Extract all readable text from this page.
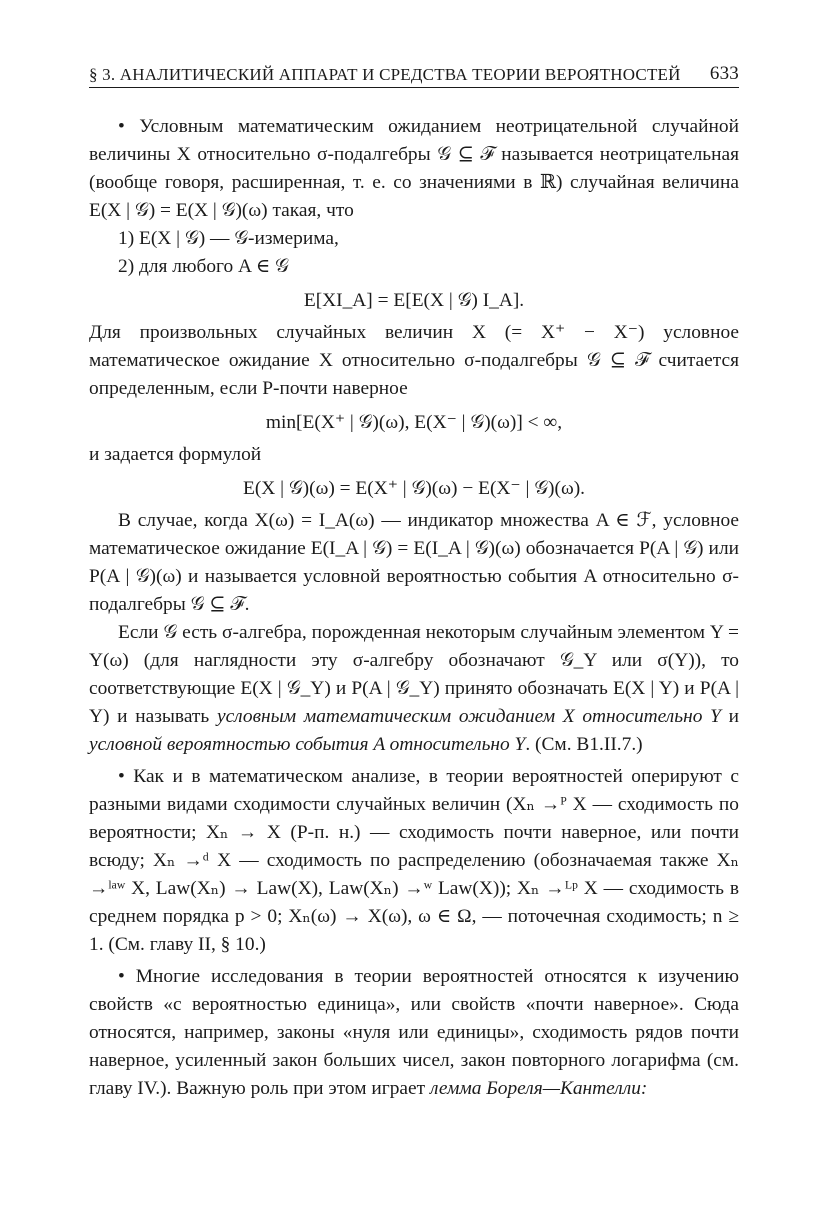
§ 3. АНАЛИТИЧЕСКИЙ АППАРАТ И СРЕДСТВА ТЕОРИИ ВЕРОЯТНОСТЕЙ 633

• Условным математическим ожиданием неотрицательной случайной величины X относительно σ-подалгебры 𝒢 ⊆ ℱ называется неотрицательная (вообще говоря, расширенная, т. е. со значениями в ℝ) случайная величина E(X | 𝒢) = E(X | 𝒢)(ω) такая, что

1) E(X | 𝒢) — 𝒢-измерима,

2) для любого A ∈ 𝒢

E[XI_A] = E[E(X | 𝒢) I_A].

Для произвольных случайных величин X (= X⁺ − X⁻) условное математическое ожидание X относительно σ-подалгебры 𝒢 ⊆ ℱ считается определенным, если P-почти наверное

min[E(X⁺ | 𝒢)(ω), E(X⁻ | 𝒢)(ω)] < ∞,

и задается формулой

E(X | 𝒢)(ω) = E(X⁺ | 𝒢)(ω) − E(X⁻ | 𝒢)(ω).

В случае, когда X(ω) = I_A(ω) — индикатор множества A ∈ ℱ, условное математическое ожидание E(I_A | 𝒢) = E(I_A | 𝒢)(ω) обозначается P(A | 𝒢) или P(A | 𝒢)(ω) и называется условной вероятностью события A относительно σ-подалгебры 𝒢 ⊆ ℱ.

Если 𝒢 есть σ-алгебра, порожденная некоторым случайным элементом Y = Y(ω) (для наглядности эту σ-алгебру обозначают 𝒢_Y или σ(Y)), то соответствующие E(X | 𝒢_Y) и P(A | 𝒢_Y) принято обозначать E(X | Y) и P(A | Y) и называть условным математическим ожиданием X относительно Y и условной вероятностью события A относительно Y. (См. B1.II.7.)

• Как и в математическом анализе, в теории вероятностей оперируют с разными видами сходимости случайных величин (Xₙ →ᴾ X — сходимость по вероятности; Xₙ → X (P-п. н.) — сходимость почти наверное, или почти всюду; Xₙ →ᵈ X — сходимость по распределению (обозначаемая также Xₙ →ˡᵃʷ X, Law(Xₙ) → Law(X), Law(Xₙ) →ʷ Law(X)); Xₙ →ᴸᵖ X — сходимость в среднем порядка p > 0; Xₙ(ω) → X(ω), ω ∈ Ω, — поточечная сходимость; n ≥ 1. (См. главу II, § 10.)

• Многие исследования в теории вероятностей относятся к изучению свойств «с вероятностью единица», или свойств «почти наверное». Сюда относятся, например, законы «нуля или единицы», сходимость рядов почти наверное, усиленный закон больших чисел, закон повторного логарифма (см. главу IV.). Важную роль при этом играет лемма Бореля—Кантелли:
